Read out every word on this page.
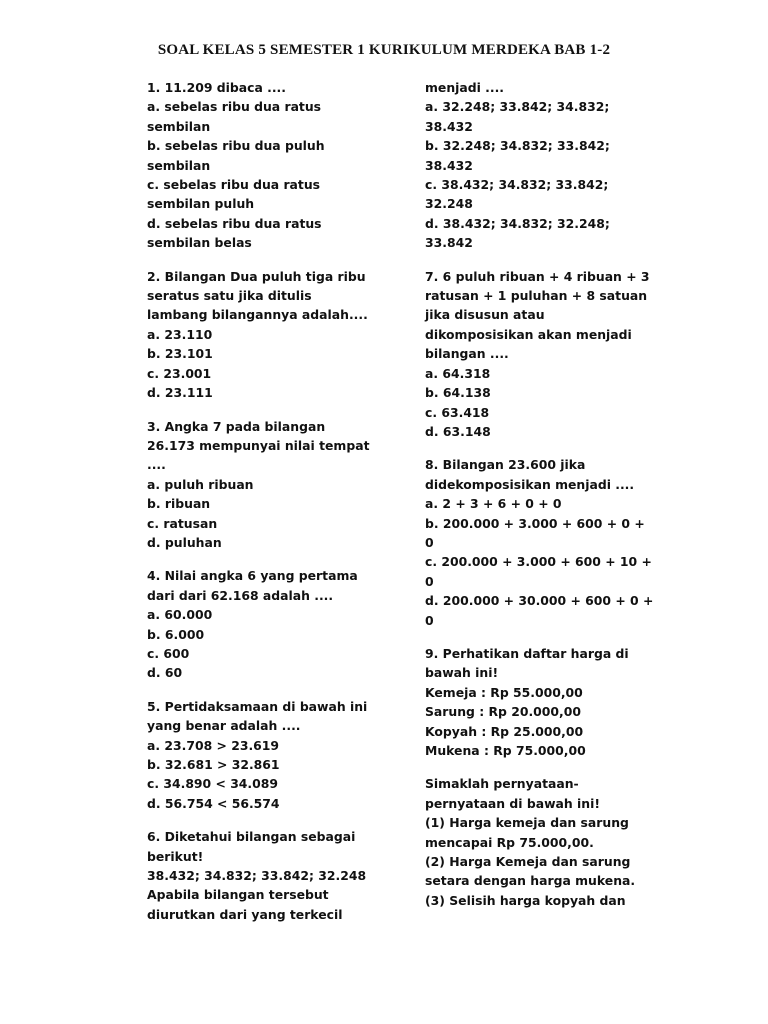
SOAL KELAS 5 SEMESTER 1 KURIKULUM MERDEKA BAB 1-2
1. 11.209 dibaca ....
a. sebelas ribu dua ratus
sembilan
b. sebelas ribu dua puluh
sembilan
c. sebelas ribu dua ratus
sembilan puluh
d. sebelas ribu dua ratus
sembilan belas
2. Bilangan Dua puluh tiga ribu
seratus satu jika ditulis
lambang bilangannya adalah....
a. 23.110
b. 23.101
c. 23.001
d. 23.111
3. Angka 7 pada bilangan
26.173 mempunyai nilai tempat
....
a. puluh ribuan
b. ribuan
c. ratusan
d. puluhan
4. Nilai angka 6 yang pertama
dari dari 62.168 adalah ....
a. 60.000
b. 6.000
c. 600
d. 60
5. Pertidaksamaan di bawah ini
yang benar adalah ....
a. 23.708 > 23.619
b. 32.681 > 32.861
c. 34.890 < 34.089
d. 56.754 < 56.574
6. Diketahui bilangan sebagai
berikut!
38.432; 34.832; 33.842; 32.248
Apabila bilangan tersebut
diurutkan dari yang terkecil
menjadi ....
a. 32.248; 33.842; 34.832;
38.432
b. 32.248; 34.832; 33.842;
38.432
c. 38.432; 34.832; 33.842;
32.248
d. 38.432; 34.832; 32.248;
33.842
7. 6 puluh ribuan + 4 ribuan + 3
ratusan + 1 puluhan + 8 satuan
jika disusun atau
dikomposisikan akan menjadi
bilangan ....
a. 64.318
b. 64.138
c. 63.418
d. 63.148
8. Bilangan 23.600 jika
didekomposisikan menjadi ....
a. 2 + 3 + 6 + 0 + 0
b. 200.000 + 3.000 + 600 + 0 +
0
c. 200.000 + 3.000 + 600 + 10 +
0
d. 200.000 + 30.000 + 600 + 0 +
0
9. Perhatikan daftar harga di
bawah ini!
Kemeja : Rp 55.000,00
Sarung : Rp 20.000,00
Kopyah : Rp 25.000,00
Mukena : Rp 75.000,00
Simaklah pernyataan-
pernyataan di bawah ini!
(1) Harga kemeja dan sarung
mencapai Rp 75.000,00.
(2) Harga Kemeja dan sarung
setara dengan harga mukena.
(3) Selisih harga kopyah dan
